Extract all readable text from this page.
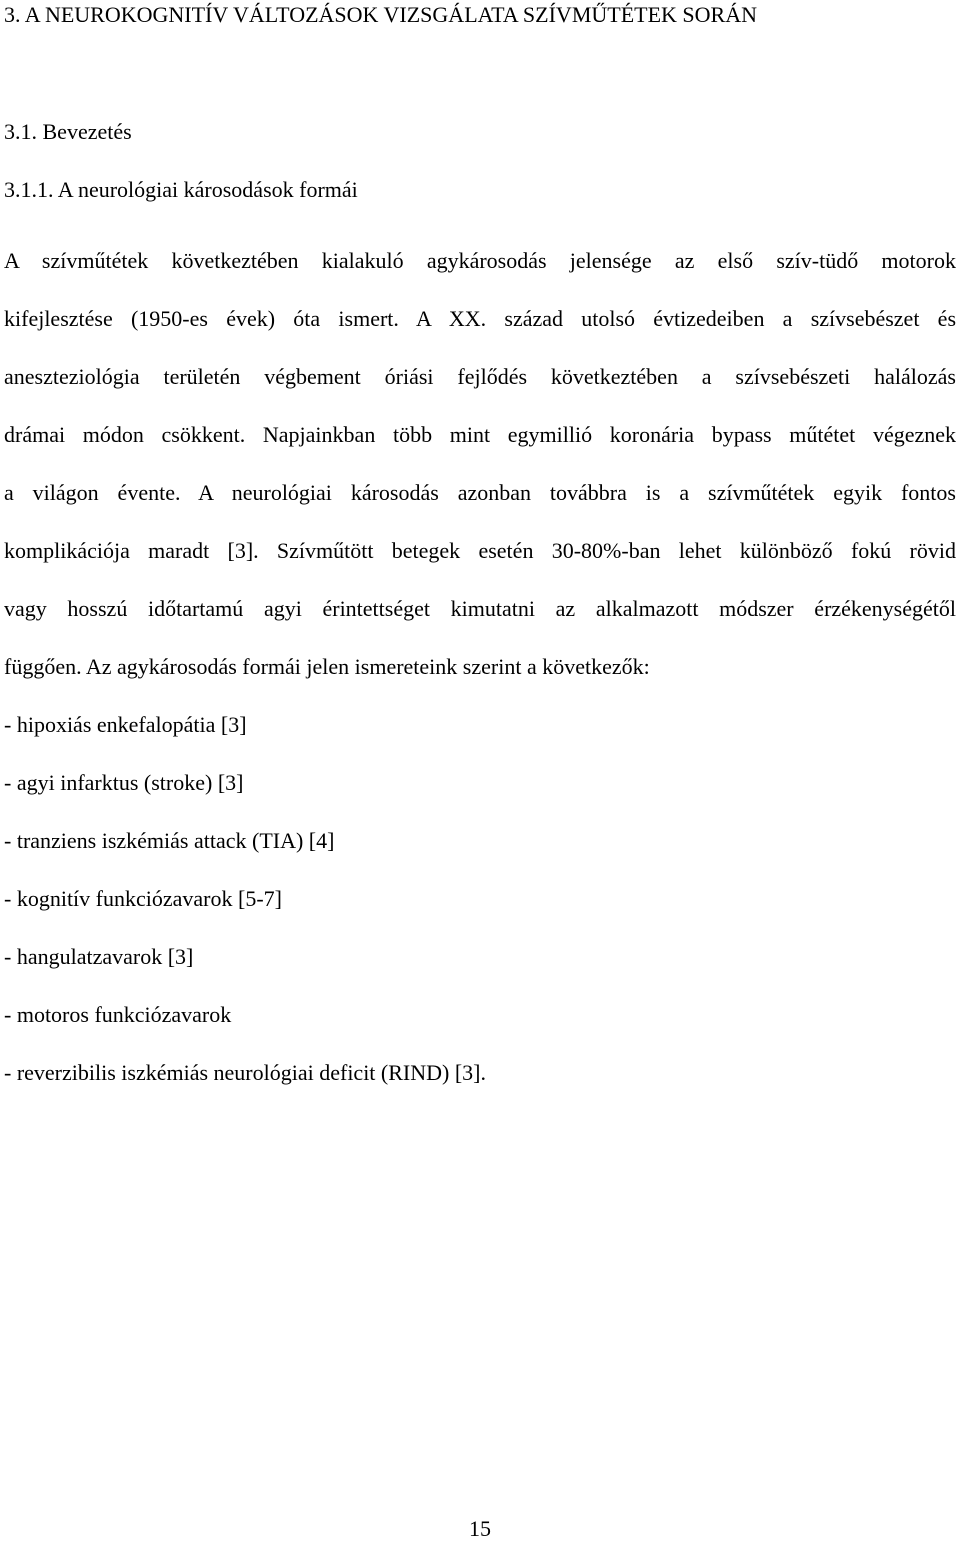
3. A NEUROKOGNITÍV VÁLTOZÁSOK VIZSGÁLATA SZÍVMŰTÉTEK SORÁN
3.1. Bevezetés
3.1.1. A neurológiai károsodások formái
A szívműtétek következtében kialakuló agykárosodás jelensége az első szív-tüdő motorok
kifejlesztése (1950-es évek) óta ismert. A XX. század utolsó évtizedeiben a szívsebészet és
aneszteziológia területén végbement óriási fejlődés következtében a szívsebészeti halálozás
drámai módon csökkent. Napjainkban több mint egymillió koronária bypass műtétet végeznek
a világon évente. A neurológiai károsodás azonban továbbra is a szívműtétek egyik fontos
komplikációja maradt [3]. Szívműtött betegek esetén 30-80%-ban lehet különböző fokú rövid
vagy hosszú időtartamú agyi érintettséget kimutatni az alkalmazott módszer érzékenységétől
függően. Az agykárosodás formái jelen ismereteink szerint a következők:
- hipoxiás enkefalopátia [3]
- agyi infarktus (stroke) [3]
- tranziens iszkémiás attack (TIA) [4]
- kognitív funkciózavarok [5-7]
- hangulatzavarok [3]
- motoros funkciózavarok
- reverzibilis iszkémiás neurológiai deficit (RIND) [3].
15
